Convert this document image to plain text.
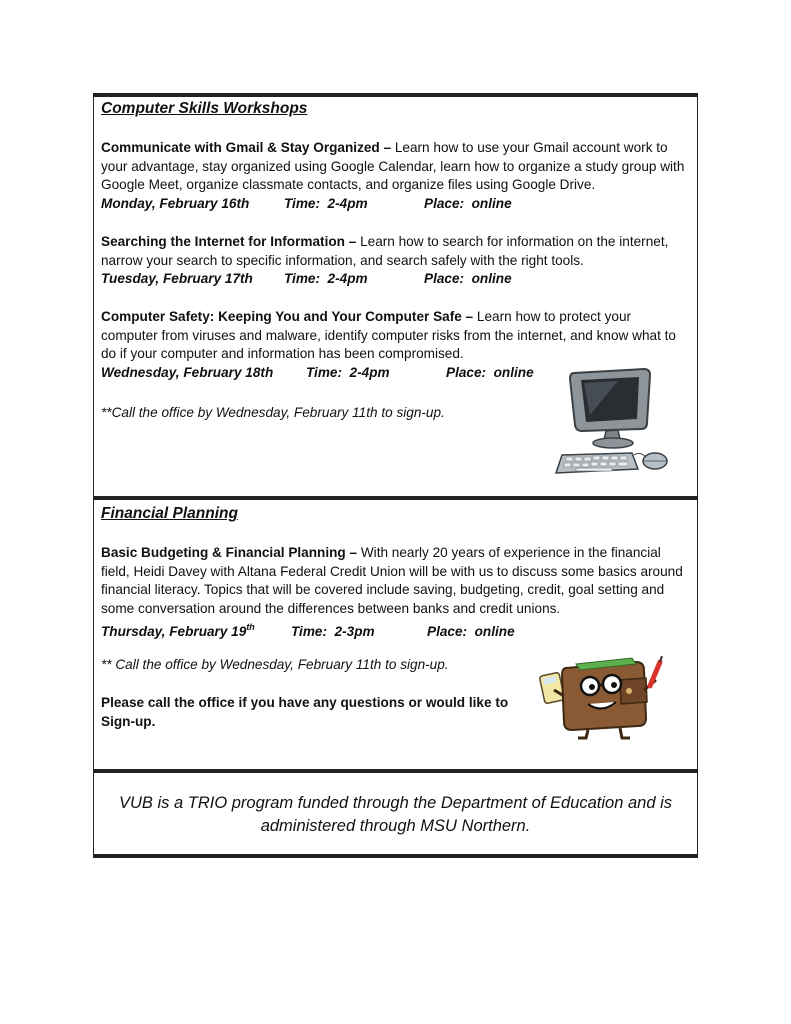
Computer Skills Workshops

Communicate with Gmail & Stay Organized – Learn how to use your Gmail account work to your advantage, stay organized using Google Calendar, learn how to organize a study group with Google Meet, organize classmate contacts, and organize files using Google Drive.

Monday, February 16th	Time:  2-4pm	Place:  online

Searching the Internet for Information – Learn how to search for information on the internet, narrow your search to specific information, and search safely with the right tools.

Tuesday, February 17th Time:  2-4pm	Place:  online

Computer Safety: Keeping You and Your Computer Safe – Learn how to protect your computer from viruses and malware, identify computer risks from the internet, and know what to do if your computer and information has been compromised.

Wednesday, February 18th Time:  2-4pm	Place:  online

**Call the office by Wednesday, February 11th to sign-up.

Financial Planning

Basic Budgeting & Financial Planning – With nearly 20 years of experience in the financial field, Heidi Davey with Altana Federal Credit Union will be with us to discuss some basics around financial literacy. Topics that will be covered include saving, budgeting, credit, goal setting and some conversation around the differences between banks and credit unions.

Thursday, February 19th	Time:  2-3pm	Place:  online

** Call the office by Wednesday, February 11th to sign-up.

Please call the office if you have any questions or would like to Sign-up.

VUB is a TRIO program funded through the Department of Education and is administered through MSU Northern.
